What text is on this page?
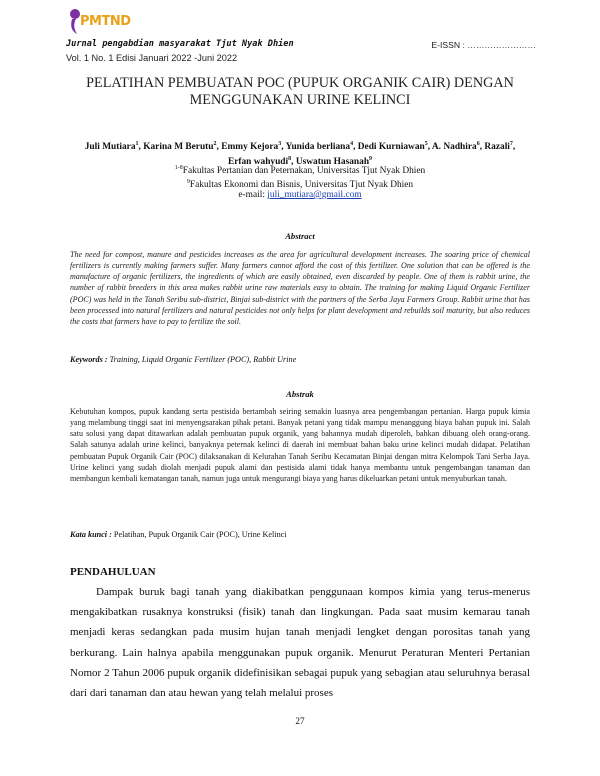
PMTND
Jurnal pengabdian masyarakat Tjut Nyak Dhien
Vol. 1 No. 1 Edisi Januari 2022 -Juni 2022
E-ISSN : ……………………
PELATIHAN PEMBUATAN POC (PUPUK ORGANIK CAIR) DENGAN
MENGGUNAKAN URINE KELINCI
Juli Mutiara$^1$, Karina M Berutu$^2$, Emmy Kejora$^3$, Yunida berliana$^4$, Dedi Kurniawan$^5$, A. Nadhira$^6$, Razali$^7$,
Erfan wahyudi$^8$, Uswatun Hasanah$^9$
$^{1-8}$Fakultas Pertanian dan Peternakan, Universitas Tjut Nyak Dhien
$^9$Fakultas Ekonomi dan Bisnis, Universitas Tjut Nyak Dhien
e-mail: juli_mutiara@gmail.com
Abstract
The need for compost, manure and pesticides increases as the area for agricultural development increases. The soaring price of chemical fertilizers is currently making farmers suffer. Many farmers cannot afford the cost of this fertilizer. One solution that can be offered is the manufacture of organic fertilizers, the ingredients of which are easily obtained, even discarded by people. One of them is rabbit urine, the number of rabbit breeders in this area makes rabbit urine raw materials easy to obtain. The training for making Liquid Organic Fertilizer (POC) was held in the Tanah Seribu sub-district, Binjai sub-district with the partners of the Serba Jaya Farmers Group. Rabbit urine that has been processed into natural fertilizers and natural pesticides not only helps for plant development and rebuilds soil maturity, but also reduces the costs that farmers have to pay to fertilize the soil.
Keywords : Training, Liquid Organic Fertilizer (POC), Rabbit Urine
Abstrak
Kebutuhan kompos, pupuk kandang serta pestisida bertambah seiring semakin luasnya area pengembangan pertanian. Harga pupuk kimia yang melambung tinggi saat ini menyengsarakan pihak petani. Banyak petani yang tidak mampu menanggung biaya bahan pupuk ini. Salah satu solusi yang dapat ditawarkan adalah pembuatan pupuk organik, yang bahannya mudah diperoleh, bahkan dibuang oleh orang-orang. Salah satunya adalah urine kelinci, banyaknya peternak kelinci di daerah ini membuat bahan baku urine kelinci mudah didapat. Pelatihan pembuatan Pupuk Organik Cair (POC) dilaksanakan di Kelurahan Tanah Seribu Kecamatan Binjai dengan mitra Kelompok Tani Serba Jaya. Urine kelinci yang sudah diolah menjadi pupuk alami dan pestisida alami tidak hanya membantu untuk pengembangan tanaman dan membangun kembali kematangan tanah, namun juga untuk mengurangi biaya yang harus dikeluarkan petani untuk menyuburkan tanah.
Kata kunci : Pelatihan, Pupuk Organik Cair (POC), Urine Kelinci
PENDAHULUAN
Dampak buruk bagi tanah yang diakibatkan penggunaan kompos kimia yang terus-menerus mengakibatkan rusaknya konstruksi (fisik) tanah dan lingkungan. Pada saat musim kemarau tanah menjadi keras sedangkan pada musim hujan tanah menjadi lengket dengan porositas tanah yang berkurang. Lain halnya apabila menggunakan pupuk organik. Menurut Peraturan Menteri Pertanian Nomor 2 Tahun 2006 pupuk organik didefinisikan sebagai pupuk yang sebagian atau seluruhnya berasal dari dari tanaman dan atau hewan yang telah melalui proses
27
